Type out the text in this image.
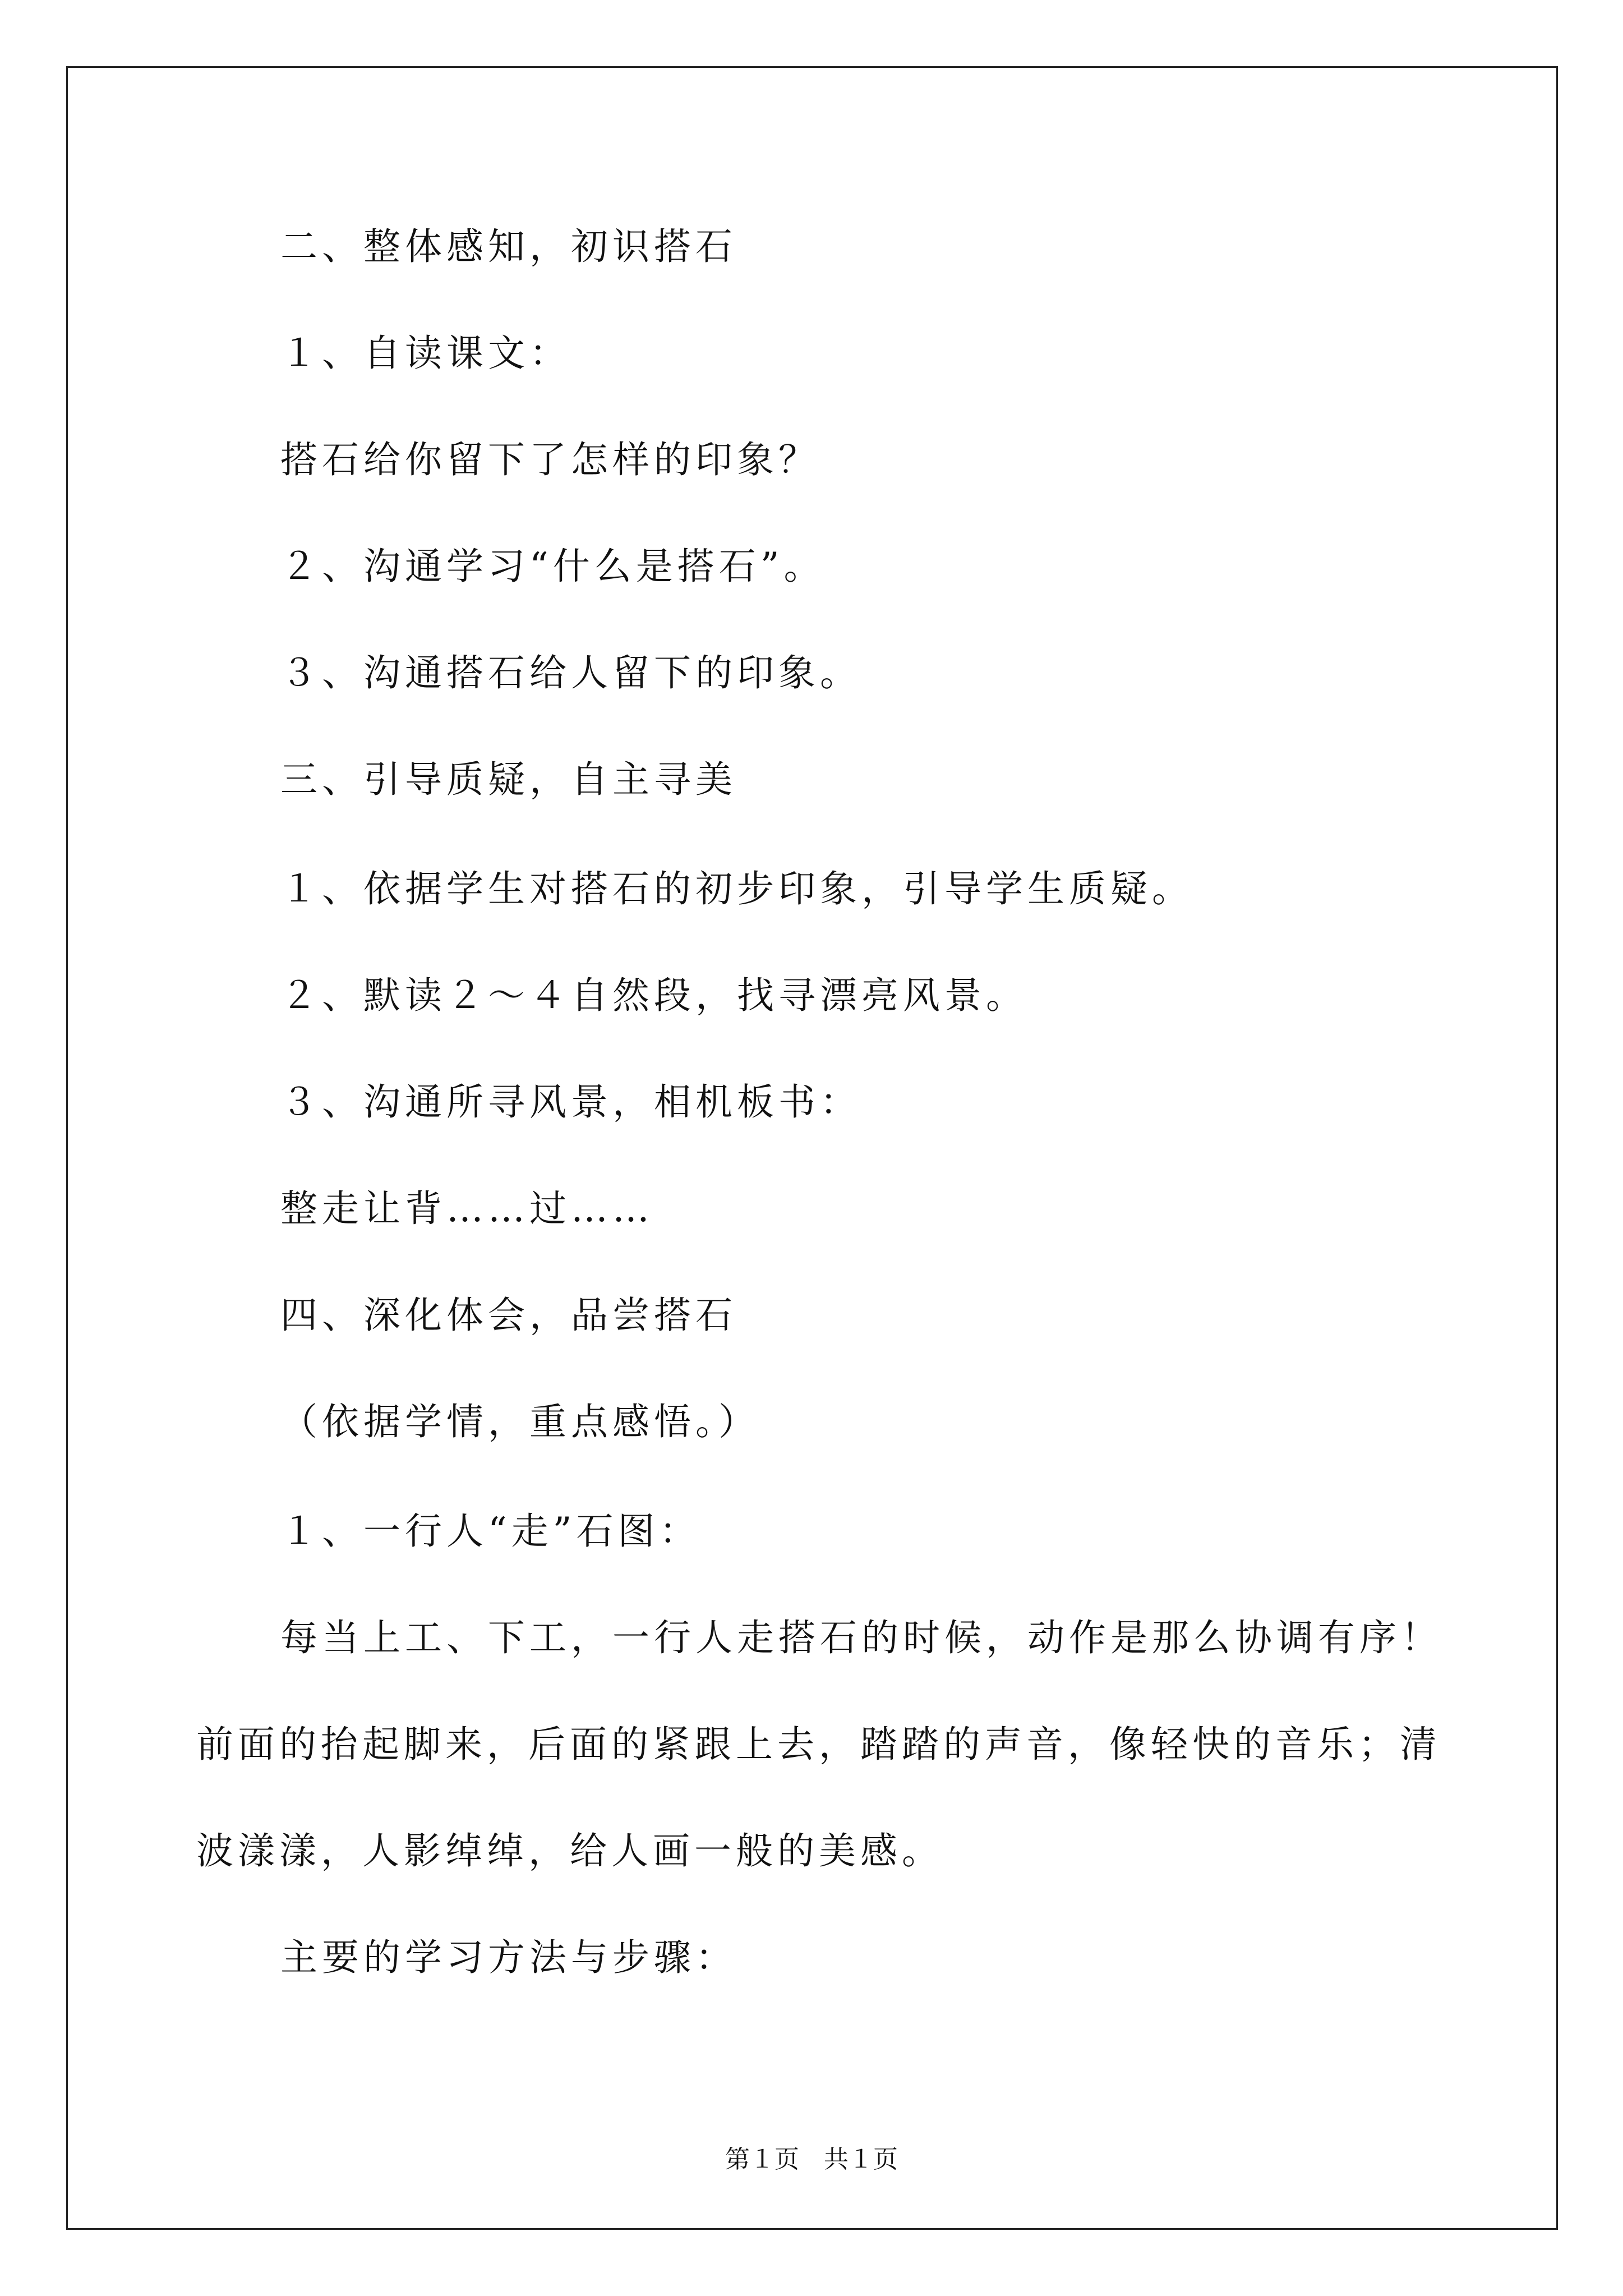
二、整体感知，初识搭石
１、自读课文：
搭石给你留下了怎样的印象？
２、沟通学习“什么是搭石”。
３、沟通搭石给人留下的印象。
三、引导质疑，自主寻美
１、依据学生对搭石的初步印象，引导学生质疑。
２、默读２～４自然段，找寻漂亮风景。
３、沟通所寻风景，相机板书：
整走让背……过……
四、深化体会，品尝搭石
（依据学情，重点感悟。）
１、一行人“走”石图：
每当上工、下工，一行人走搭石的时候，动作是那么协调有序！
前面的抬起脚来，后面的紧跟上去，踏踏的声音，像轻快的音乐；清
波漾漾，人影绰绰，给人画一般的美感。
主要的学习方法与步骤：
第１页　共１页
